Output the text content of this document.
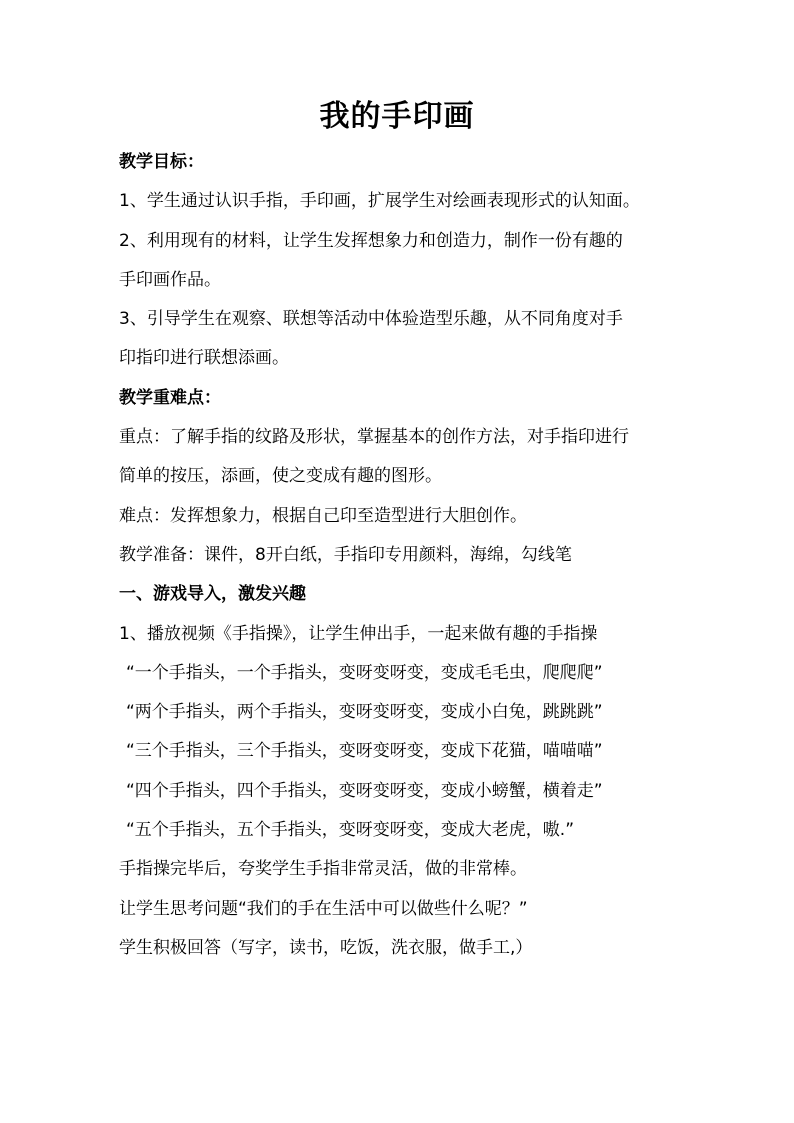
我的手印画
教学目标：
1、学生通过认识手指，手印画，扩展学生对绘画表现形式的认知面。
2、利用现有的材料，让学生发挥想象力和创造力，制作一份有趣的
手印画作品。
3、引导学生在观察、联想等活动中体验造型乐趣，从不同角度对手
印指印进行联想添画。
教学重难点：
重点：了解手指的纹路及形状，掌握基本的创作方法，对手指印进行
简单的按压，添画，使之变成有趣的图形。
难点：发挥想象力，根据自己印至造型进行大胆创作。
教学准备：课件，8开白纸，手指印专用颜料，海绵，勾线笔
一、游戏导入，激发兴趣
1、播放视频《手指操》，让学生伸出手，一起来做有趣的手指操
“一个手指头，一个手指头，变呀变呀变，变成毛毛虫，爬爬爬”
“两个手指头，两个手指头，变呀变呀变，变成小白兔，跳跳跳”
“三个手指头，三个手指头，变呀变呀变，变成下花猫，喵喵喵”
“四个手指头，四个手指头，变呀变呀变，变成小螃蟹，横着走”
“五个手指头，五个手指头，变呀变呀变，变成大老虎，嗷.”
手指操完毕后，夸奖学生手指非常灵活，做的非常棒。
让学生思考问题“我们的手在生活中可以做些什么呢？”
学生积极回答（写字，读书，吃饭，洗衣服，做手工,）
